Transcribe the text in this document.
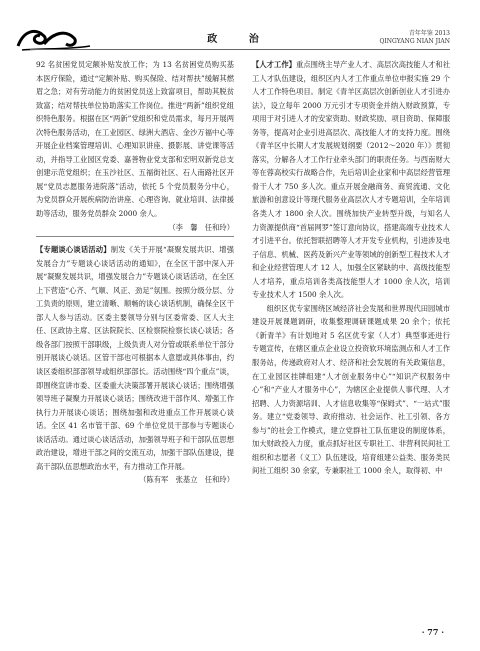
政 治
青年年鉴 2013
QINGYANG NIAN JIAN

92 名贫困党员定额补贴发放工作；为 13 名贫困党员购买基本医疗保险，通过“定额补贴、购买保险、结对帮扶”缓解其燃眉之急；对有劳动能力的贫困党员送上致富项目，帮助其脱贫致富；结对帮扶单位协助落实工作岗位。推进“两新”组织党组织特色服务。根据在区“两新”党组织和党员需求，每月开展两次特色服务活动，在工业园区、绿洲大酒店、金沙万福中心等开展企业档案管理培训、心理知识讲座、摄影展、讲党课等活动，并指导工业园区党委、嘉善物业党支部和宏明双新党总支创建示范党组织；在玉沙社区、五福街社区、石人南路社区开展“党员志愿服务进院落”活动，依托 5 个党员服务分中心，为党员群众开展疾病防治讲座、心理咨询、就业培训、法律援助等活动，服务党员群众 2000 余人。

（李　馨　任和玲）

【专题谈心谈话活动】制发《关于开展“凝聚发展共识、增强发展合力”专题谈心谈话活动的通知》，在全区干部中深入开展“凝聚发展共识，增强发展合力”专题谈心谈话活动，在全区上下营造“心齐、气顺、风正、劲足”氛围。按照分级分层、分工负责的原则，建立清晰、顺畅的谈心谈话机制，确保全区干部人人参与活动。区委主要领导分别与区委常委、区人大主任、区政协主席、区法院院长、区检察院检察长谈心谈话；各级各部门按照干部职级，上级负责人对分管或联系单位干部分别开展谈心谈话。区管干部也可根据本人意愿或具体事由，约谈区委组织部部领导或组织部部长。活动围绕“四个重点”谈，即围绕宣讲市委、区委重大决策部署开展谈心谈话；围绕增强领导班子凝聚力开展谈心谈话；围绕改进干部作风、增强工作执行力开展谈心谈话；围绕加强和改进重点工作开展谈心谈话。全区 41 名市管干部、69 个单位党员干部参与专题谈心谈话活动。通过谈心谈话活动，加强领导班子和干部队伍思想政治建设，增进干部之间的交流互动，加强干部队伍建设，提高干部队伍思想政治水平，有力推动工作开展。

（陈有军　张基立　任和玲）

【人才工作】重点围绕主导产业人才、高层次高技能人才和社工人才队伍建设，组织区内人才工作重点单位申报实施 29 个人才工作特色项目。制定《青羊区高层次创新创业人才引进办法》，设立每年 2000 万元引才专项资金并纳入财政预算，专项用于对引进人才的安家资助、财政奖励、项目资助、保障服务等，提高对企业引进高层次、高技能人才的支持力度。围绕《青羊区中长期人才发展规划纲要（2012～2020 年）》贯彻落实，分解各人才工作行业牵头部门的职责任务。与西南财大等在蓉高校实行战略合作，先后培训企业家和中高层经营管理骨干人才 750 多人次。重点开展金融商务、商贸流通、文化旅游和创意设计等现代服务业高层次人才专题培训，全年培训各类人才 1800 余人次。围绕加快产业转型升级，与知名人力资源提供商“首届网罗”签订意向协议，搭建高端专业技术人才引进平台。依托智联招聘等人才开发专业机构，引进涉及电子信息、机械、医药及新兴产业等领域的创新型工程技术人才和企业经营管理人才 12 人，加强全区紧缺的中、高级技能型人才培养，重点培训各类高技能型人才 1000 余人次，培训专业技术人才 1500 余人次。

组织区优专家围绕区域经济社会发展和世界现代田园城市建设开展课题调研，收集整理调研课题成果 20 余个；依托《新青羊》有计划地对 5 名区优专家（人才）典型事迹进行专题宣传，在辖区重点企业设立投资软环境监测点和人才工作服务站，传递政府对人才、经济和社会发展的有关政策信息，在工业园区挂牌组建“人才创业服务中心”“知识产权服务中心”和“产业人才服务中心”，为辖区企业提供人事代理、人才招聘、人力资源培训、人才信息收集等“保姆式”、“一站式”服务。建立“党委领导、政府推动、社会运作、社工引领、各方参与”的社会工作模式，建立党群社工队伍建设的制度体系，加大财政投入力度，重点抓好社区专职社工、非营利民间社工组织和志愿者（义工）队伍建设，培育组建公益类、服务类民间社工组织 30 余家，专兼职社工 1000 余人，取得初、中

· 77 ·
